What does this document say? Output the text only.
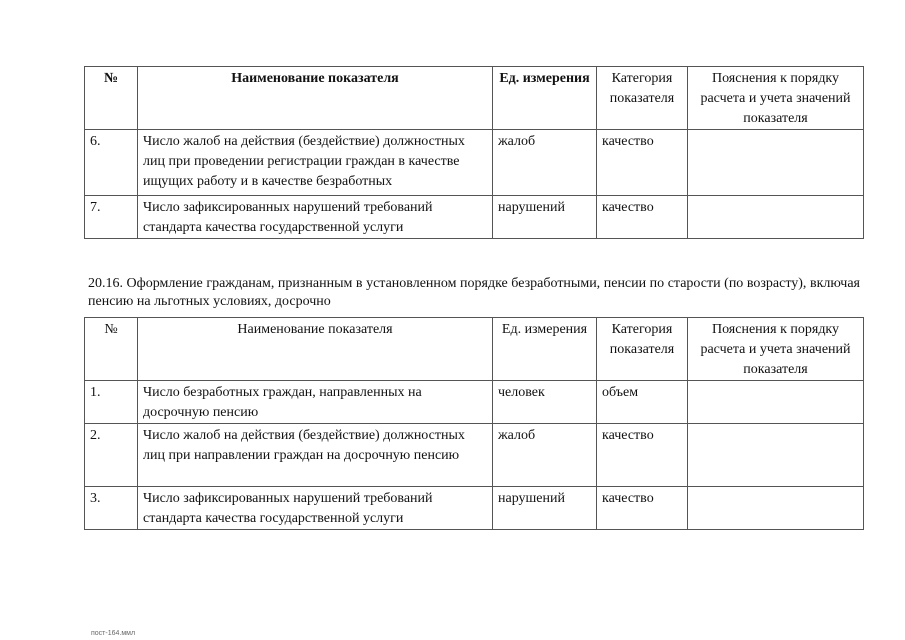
№	Наименование показателя	Ед. измерения	Категория показателя	Пояснения к порядку расчета и учета значений показателя
6.	Число жалоб на действия (бездействие) должностных лиц при проведении регистрации граждан в качестве ищущих работу и в качестве безработных	жалоб	качество	
7.	Число зафиксированных нарушений требований стандарта качества государственной услуги	нарушений	качество	
20.16. Оформление гражданам, признанным в установленном порядке безработными, пенсии по старости (по возрасту), включая пенсию на льготных условиях, досрочно
№	Наименование показателя	Ед. измерения	Категория показателя	Пояснения к порядку расчета и учета значений показателя
1.	Число безработных граждан, направленных на досрочную пенсию	человек	объем	
2.	Число жалоб на действия (бездействие) должностных лиц при направлении граждан на досрочную пенсию	жалоб	качество	
3.	Число зафиксированных нарушений требований стандарта качества государственной услуги	нарушений	качество	
пост-164.ммл
